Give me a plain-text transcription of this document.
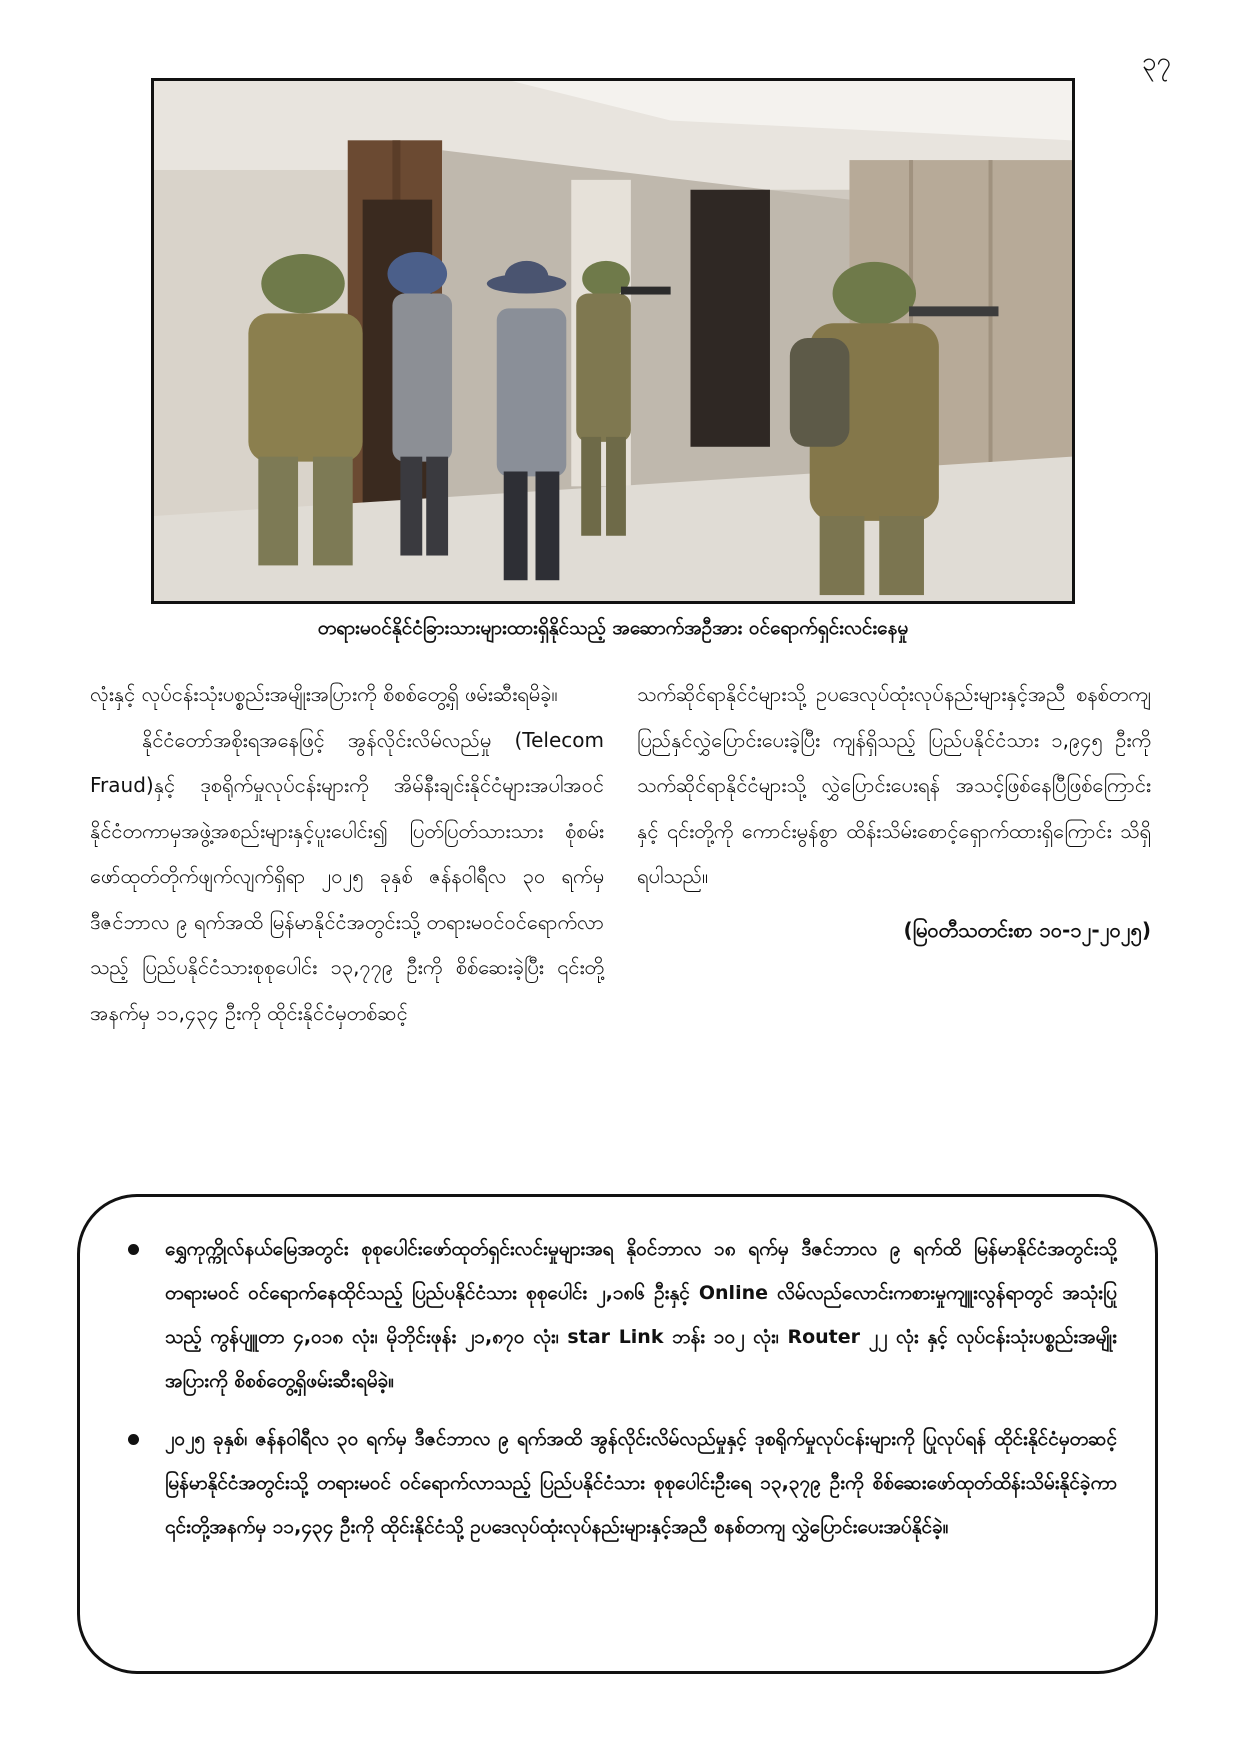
၃၇
တရားမဝင်နိုင်ငံခြားသားများထားရှိနိုင်သည့် အဆောက်အဦအား ဝင်ရောက်ရှင်းလင်းနေမှု

လုံးနှင့် လုပ်ငန်းသုံးပစ္စည်းအမျိုးအပြားကို စိစစ်တွေ့ရှိ ဖမ်းဆီးရမိခဲ့။

နိုင်ငံတော်အစိုးရအနေဖြင့် အွန်လိုင်းလိမ်လည်မှု (Telecom Fraud)နှင့် ဒုစရိုက်မှုလုပ်ငန်းများကို အိမ်နီးချင်းနိုင်ငံများအပါအဝင် နိုင်ငံတကာမှအဖွဲ့အစည်းများနှင့်ပူးပေါင်း၍ ပြတ်ပြတ်သားသား စုံစမ်းဖော်ထုတ်တိုက်ဖျက်လျက်ရှိရာ ၂၀၂၅ ခုနှစ် ဇန်နဝါရီလ ၃၀ ရက်မှ ဒီဇင်ဘာလ ၉ ရက်အထိ မြန်မာနိုင်ငံအတွင်းသို့ တရားမဝင်ဝင်ရောက်လာသည့် ပြည်ပနိုင်ငံသားစုစုပေါင်း ၁၃,၇၇၉ ဦးကို စိစ်ဆေးခဲ့ပြီး ၎င်းတို့အနက်မှ ၁၁,၄၃၄ ဦးကို ထိုင်းနိုင်ငံမှတစ်ဆင့်

သက်ဆိုင်ရာနိုင်ငံများသို့ ဥပဒေလုပ်ထုံးလုပ်နည်းများနှင့်အညီ စနစ်တကျ ပြည်နှင်လွှဲပြောင်းပေးခဲ့ပြီး ကျန်ရှိသည့် ပြည်ပနိုင်ငံသား ၁,၉၄၅ ဦးကို သက်ဆိုင်ရာနိုင်ငံများသို့ လွှဲပြောင်းပေးရန် အသင့်ဖြစ်နေပြီဖြစ်ကြောင်းနှင့် ၎င်းတို့ကို ကောင်းမွန်စွာ ထိန်းသိမ်းစောင့်ရှောက်ထားရှိကြောင်း သိရှိရပါသည်။

(မြဝတီသတင်းစာ ၁၀-၁၂-၂၀၂၅)

ရွှေကုက္ကိုလ်နယ်မြေအတွင်း စုစုပေါင်းဖော်ထုတ်ရှင်းလင်းမှုများအရ နိုဝင်ဘာလ ၁၈ ရက်မှ ဒီဇင်ဘာလ ၉ ရက်ထိ မြန်မာနိုင်ငံအတွင်းသို့ တရားမဝင် ဝင်ရောက်နေထိုင်သည့် ပြည်ပနိုင်ငံသား စုစုပေါင်း ၂,၁၈၆ ဦးနှင့် Online လိမ်လည်လောင်းကစားမှုကျူးလွန်ရာတွင် အသုံးပြုသည့် ကွန်ပျူတာ ၄,၀၁၈ လုံး၊ မိုဘိုင်းဖုန်း ၂၁,၈၇၀ လုံး၊ star Link ဘန်း ၁၀၂ လုံး၊ Router ၂၂ လုံး နှင့် လုပ်ငန်းသုံးပစ္စည်းအမျိုးအပြားကို စိစစ်တွေ့ရှိဖမ်းဆီးရမိခဲ့။
၂၀၂၅ ခုနှစ်၊ ဇန်နဝါရီလ ၃၀ ရက်မှ ဒီဇင်ဘာလ ၉ ရက်အထိ အွန်လိုင်းလိမ်လည်မှုနှင့် ဒုစရိုက်မှုလုပ်ငန်းများကို ပြုလုပ်ရန် ထိုင်းနိုင်ငံမှတဆင့် မြန်မာနိုင်ငံအတွင်းသို့ တရားမဝင် ဝင်ရောက်လာသည့် ပြည်ပနိုင်ငံသား စုစုပေါင်းဦးရေ ၁၃,၃၇၉ ဦးကို စိစ်ဆေးဖော်ထုတ်ထိန်းသိမ်းနိုင်ခဲ့ကာ ၎င်းတို့အနက်မှ ၁၁,၄၃၄ ဦးကို ထိုင်းနိုင်ငံသို့ ဥပဒေလုပ်ထုံးလုပ်နည်းများနှင့်အညီ စနစ်တကျ လွှဲပြောင်းပေးအပ်နိုင်ခဲ့။
